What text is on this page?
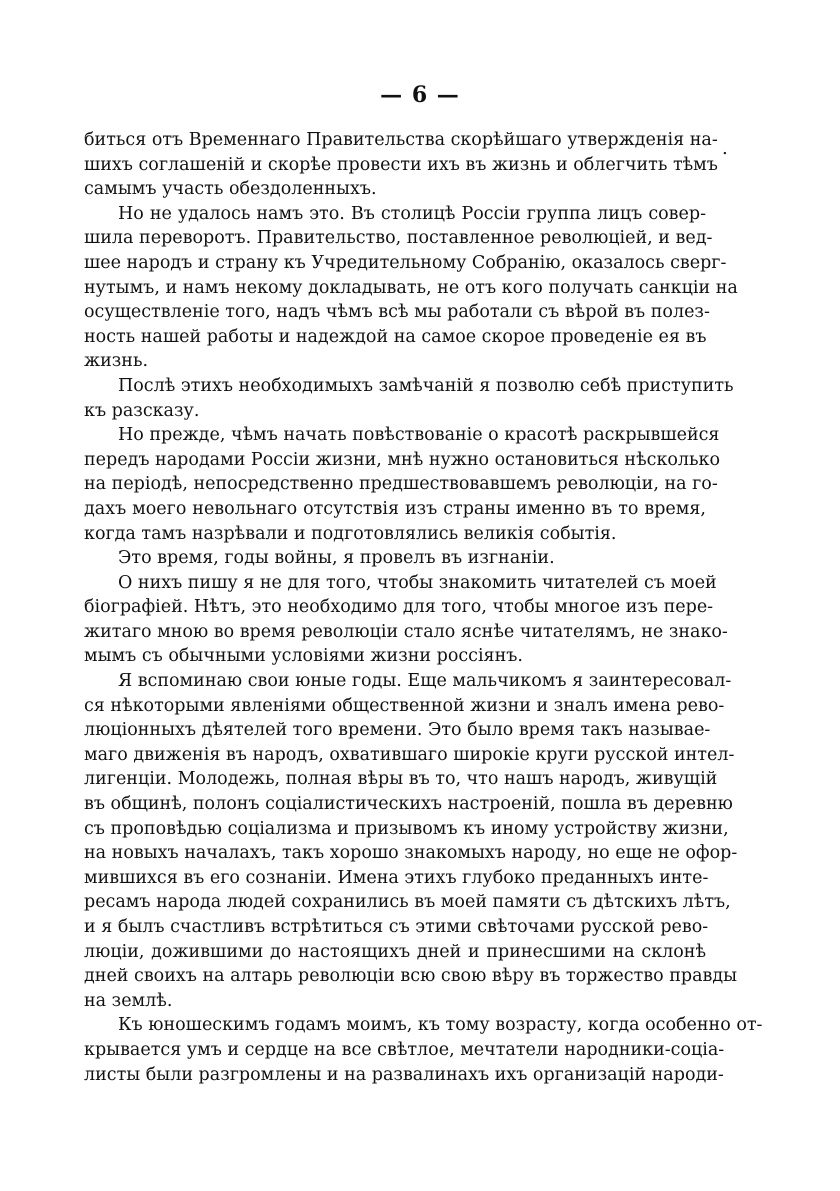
— 6 —
.
биться отъ Временнаго Правительства скорѣйшаго утвержденія на-
шихъ соглашеній и скорѣе провести ихъ въ жизнь и облегчить тѣмъ
самымъ участь обездоленныхъ.
Но не удалось намъ это. Въ столицѣ Россіи группа лицъ совер-
шила переворотъ. Правительство, поставленное революціей, и вед-
шее народъ и страну къ Учредительному Собранію, оказалось сверг-
нутымъ, и намъ некому докладывать, не отъ кого получать санкціи на
осуществленіе того, надъ чѣмъ всѣ мы работали съ вѣрой въ полез-
ность нашей работы и надеждой на самое скорое проведеніе ея въ
жизнь.
Послѣ этихъ необходимыхъ замѣчаній я позволю себѣ приступить
къ разсказу.
Но прежде, чѣмъ начать повѣствованіе о красотѣ раскрывшейся
передъ народами Россіи жизни, мнѣ нужно остановиться нѣсколько
на періодѣ, непосредственно предшествовавшемъ революціи, на го-
дахъ моего невольнаго отсутствія изъ страны именно въ то время,
когда тамъ назрѣвали и подготовлялись великія событія.
Это время, годы войны, я провелъ въ изгнаніи.
О нихъ пишу я не для того, чтобы знакомить читателей съ моей
біографіей. Нѣтъ, это необходимо для того, чтобы многое изъ пере-
житаго мною во время революціи стало яснѣе читателямъ, не знако-
мымъ съ обычными условіями жизни россіянъ.
Я вспоминаю свои юные годы. Еще мальчикомъ я заинтересовал-
ся нѣкоторыми явленіями общественной жизни и зналъ имена рево-
люціонныхъ дѣятелей того времени. Это было время такъ называе-
маго движенія въ народъ, охватившаго широкіе круги русской интел-
лигенціи. Молодежь, полная вѣры въ то, что нашъ народъ, живущій
въ общинѣ, полонъ соціалистическихъ настроеній, пошла въ деревню
съ проповѣдью соціализма и призывомъ къ иному устройству жизни,
на новыхъ началахъ, такъ хорошо знакомыхъ народу, но еще не офор-
мившихся въ его сознаніи. Имена этихъ глубоко преданныхъ инте-
ресамъ народа людей сохранились въ моей памяти съ дѣтскихъ лѣтъ,
и я былъ счастливъ встрѣтиться съ этими свѣточами русской рево-
люціи, дожившими до настоящихъ дней и принесшими на склонѣ
дней своихъ на алтарь революціи всю свою вѣру въ торжество правды
на землѣ.
Къ юношескимъ годамъ моимъ, къ тому возрасту, когда особенно от-
крывается умъ и сердце на все свѣтлое, мечтатели народники-соціа-
листы были разгромлены и на развалинахъ ихъ организацій народи-
